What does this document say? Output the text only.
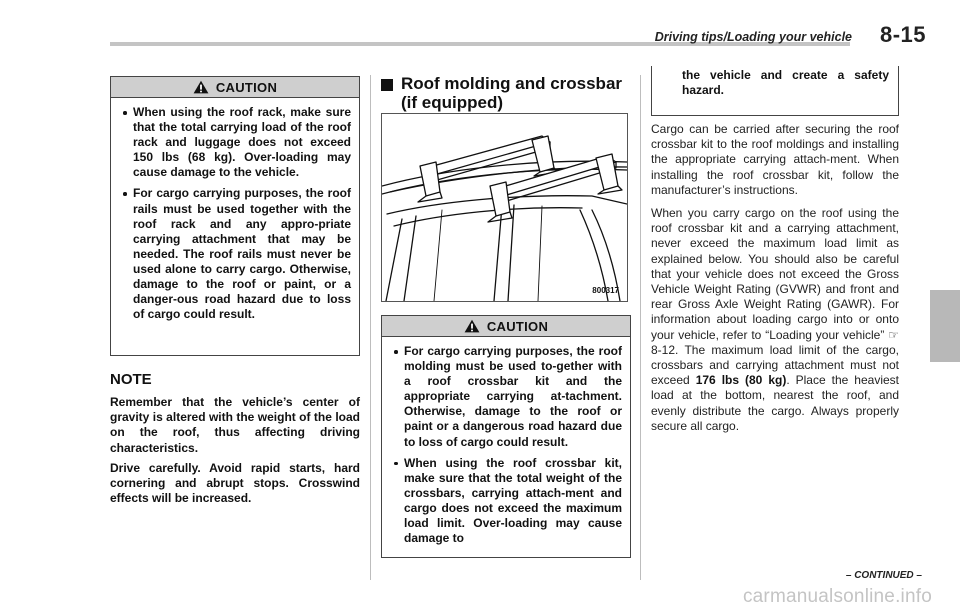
Driving tips/Loading your vehicle 8-15
CAUTION
When using the roof rack, make sure that the total carrying load of the roof rack and luggage does not exceed 150 lbs (68 kg). Over-loading may cause damage to the vehicle.
For cargo carrying purposes, the roof rails must be used together with the roof rack and any appro-priate carrying attachment that may be needed. The roof rails must never be used alone to carry cargo. Otherwise, damage to the roof or paint, or a danger-ous road hazard due to loss of cargo could result.
NOTE

Remember that the vehicle’s center of gravity is altered with the weight of the load on the roof, thus affecting driving characteristics.

Drive carefully. Avoid rapid starts, hard cornering and abrupt stops. Crosswind effects will be increased.

Roof molding and crossbar (if equipped)
800317
CAUTION
For cargo carrying purposes, the roof molding must be used to-gether with a roof crossbar kit and the appropriate carrying at-tachment. Otherwise, damage to the roof or paint or a dangerous road hazard due to loss of cargo could result.
When using the roof crossbar kit, make sure that the total weight of the crossbars, carrying attach-ment and cargo does not exceed the maximum load limit. Over-loading may cause damage to

the vehicle and create a safety hazard.

Cargo can be carried after securing the roof crossbar kit to the roof moldings and installing the appropriate carrying attach-ment. When installing the roof crossbar kit, follow the manufacturer’s instructions.

When you carry cargo on the roof using the roof crossbar kit and a carrying attachment, never exceed the maximum load limit as explained below. You should also be careful that your vehicle does not exceed the Gross Vehicle Weight Rating (GVWR) and front and rear Gross Axle Weight Rating (GAWR). For information about loading cargo into or onto your vehicle, refer to “Loading your vehicle” ☞8-12. The maximum load limit of the cargo, crossbars and carrying attachment must not exceed 176 lbs (80 kg). Place the heaviest load at the bottom, nearest the roof, and evenly distribute the cargo. Always properly secure all cargo.

– CONTINUED –
carmanualsonline.info
